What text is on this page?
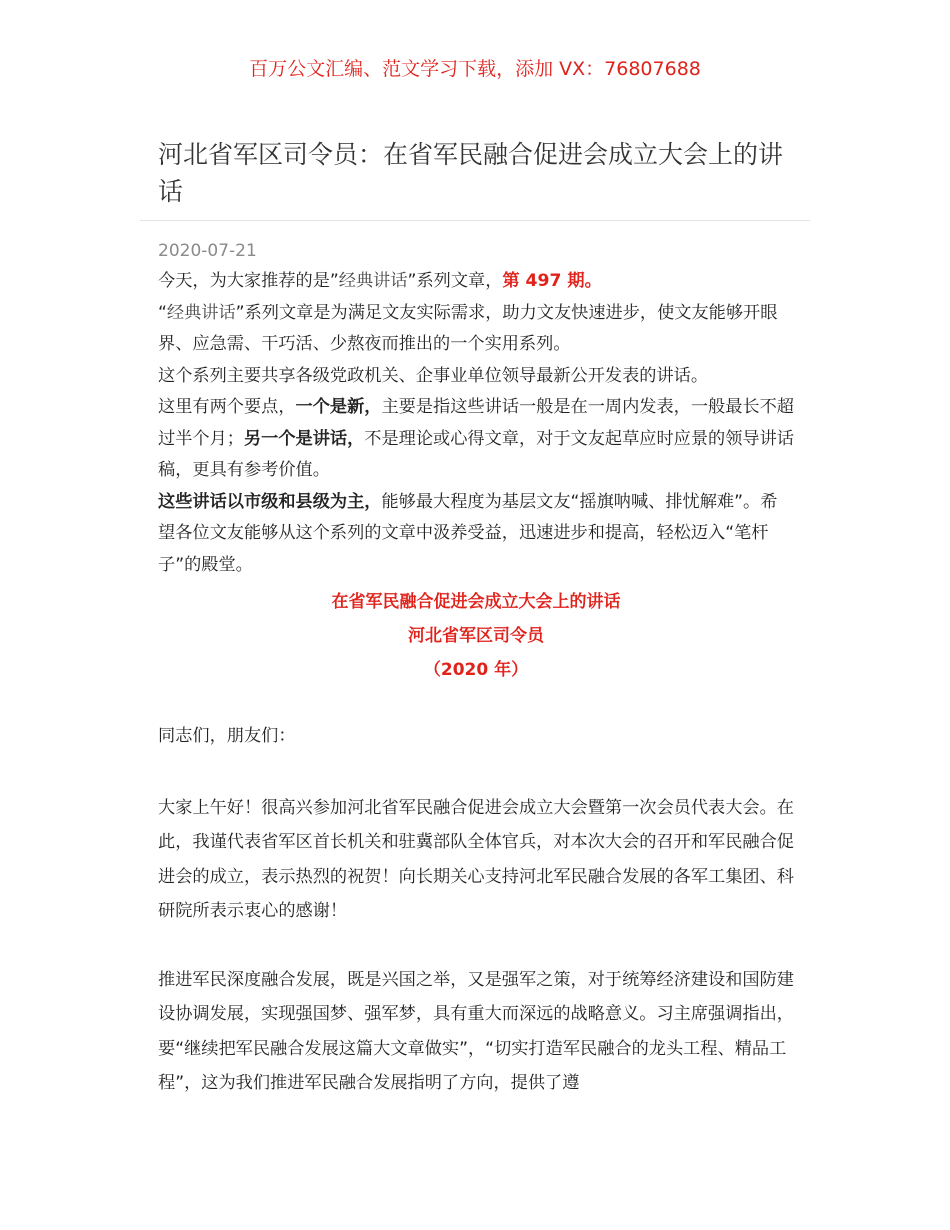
百万公文汇编、范文学习下载，添加 VX：76807688
河北省军区司令员：在省军民融合促进会成立大会上的讲话
2020-07-21

今天，为大家推荐的是”经典讲话”系列文章，第 497 期。

“经典讲话”系列文章是为满足文友实际需求，助力文友快速进步，使文友能够开眼界、应急需、干巧活、少熬夜而推出的一个实用系列。

这个系列主要共享各级党政机关、企事业单位领导最新公开发表的讲话。

这里有两个要点，一个是新，主要是指这些讲话一般是在一周内发表，一般最长不超过半个月；另一个是讲话，不是理论或心得文章，对于文友起草应时应景的领导讲话稿，更具有参考价值。

这些讲话以市级和县级为主，能够最大程度为基层文友“摇旗呐喊、排忧解难”。希望各位文友能够从这个系列的文章中汲养受益，迅速进步和提高，轻松迈入“笔杆子”的殿堂。

在省军民融合促进会成立大会上的讲话
河北省军区司令员
（2020 年）

同志们，朋友们：

大家上午好！很高兴参加河北省军民融合促进会成立大会暨第一次会员代表大会。在此，我谨代表省军区首长机关和驻冀部队全体官兵，对本次大会的召开和军民融合促进会的成立，表示热烈的祝贺！向长期关心支持河北军民融合发展的各军工集团、科研院所表示衷心的感谢！

推进军民深度融合发展，既是兴国之举，又是强军之策，对于统筹经济建设和国防建设协调发展，实现强国梦、强军梦，具有重大而深远的战略意义。习主席强调指出，要“继续把军民融合发展这篇大文章做实”，“切实打造军民融合的龙头工程、精品工程”，这为我们推进军民融合发展指明了方向，提供了遵
